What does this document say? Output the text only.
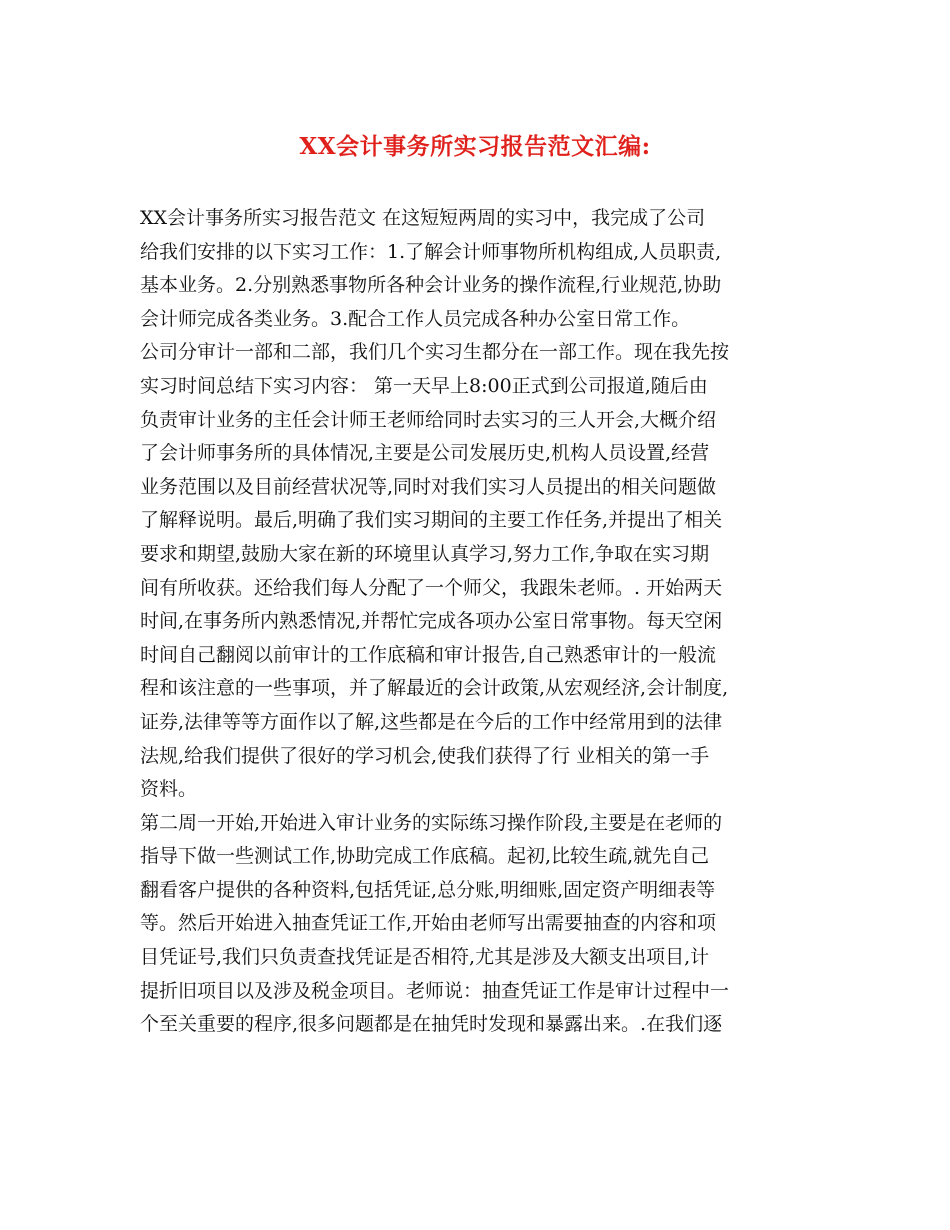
XX会计事务所实习报告范文汇编:
XX会计事务所实习报告范文 在这短短两周的实习中，我完成了公司
给我们安排的以下实习工作：1.了解会计师事物所机构组成,人员职责,
基本业务。2.分别熟悉事物所各种会计业务的操作流程,行业规范,协助
会计师完成各类业务。3.配合工作人员完成各种办公室日常工作。
公司分审计一部和二部，我们几个实习生都分在一部工作。现在我先按
实习时间总结下实习内容： 第一天早上8:00正式到公司报道,随后由
负责审计业务的主任会计师王老师给同时去实习的三人开会,大概介绍
了会计师事务所的具体情况,主要是公司发展历史,机构人员设置,经营
业务范围以及目前经营状况等,同时对我们实习人员提出的相关问题做
了解释说明。最后,明确了我们实习期间的主要工作任务,并提出了相关
要求和期望,鼓励大家在新的环境里认真学习,努力工作,争取在实习期
间有所收获。还给我们每人分配了一个师父，我跟朱老师。. 开始两天
时间,在事务所内熟悉情况,并帮忙完成各项办公室日常事物。每天空闲
时间自己翻阅以前审计的工作底稿和审计报告,自己熟悉审计的一般流
程和该注意的一些事项，并了解最近的会计政策,从宏观经济,会计制度,
证券,法律等等方面作以了解,这些都是在今后的工作中经常用到的法律
法规,给我们提供了很好的学习机会,使我们获得了行 业相关的第一手
资料。
第二周一开始,开始进入审计业务的实际练习操作阶段,主要是在老师的
指导下做一些测试工作,协助完成工作底稿。起初,比较生疏,就先自己
翻看客户提供的各种资料,包括凭证,总分账,明细账,固定资产明细表等
等。然后开始进入抽查凭证工作,开始由老师写出需要抽查的内容和项
目凭证号,我们只负责查找凭证是否相符,尤其是涉及大额支出项目,计
提折旧项目以及涉及税金项目。老师说：抽查凭证工作是审计过程中一
个至关重要的程序,很多问题都是在抽凭时发现和暴露出来。.在我们逐
